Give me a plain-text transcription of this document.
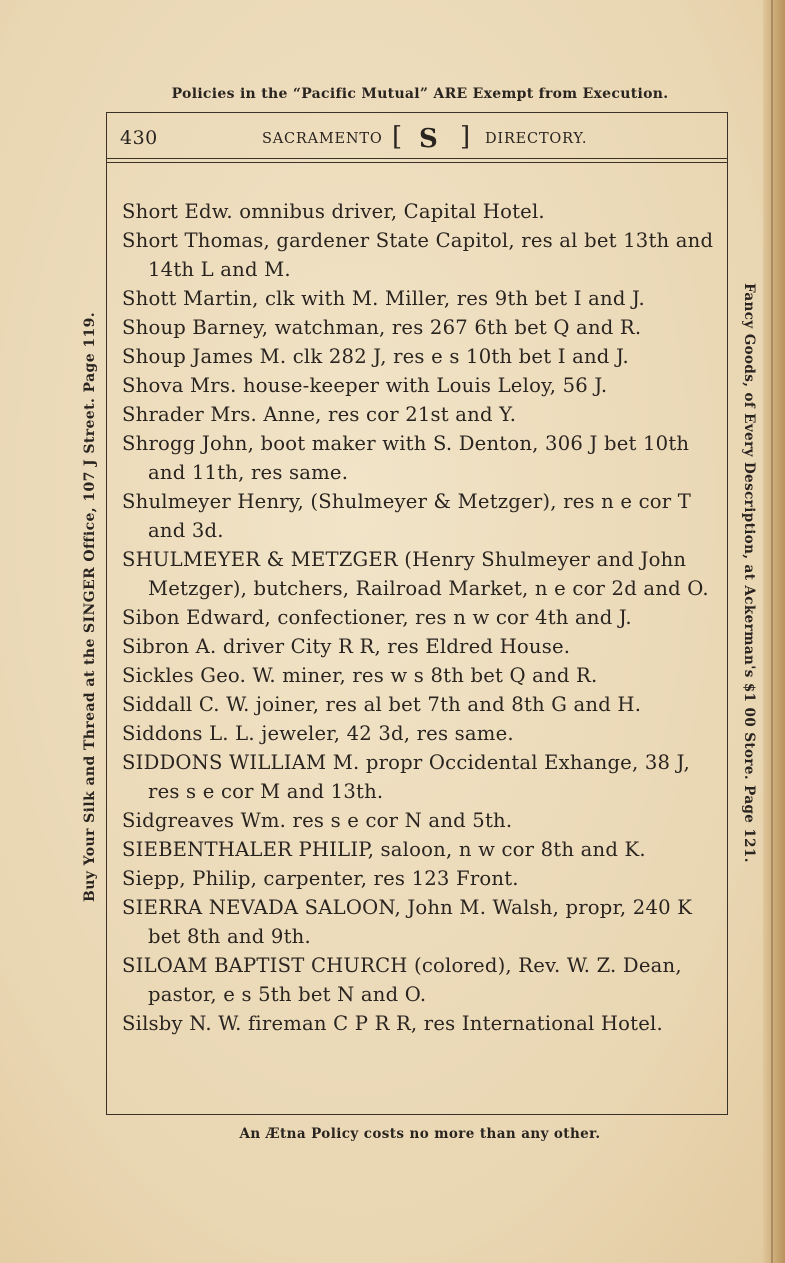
Policies in the “Pacific Mutual” ARE Exempt from Execution.
Buy Your Silk and Thread at the SINGER Office, 107 J Street. Page 119.	Fancy Goods, of Every Description, at Ackerman's $1 00 Store. Page 121.
430	SACRAMENTO [ S ] DIRECTORY.

Short Edw. omnibus driver, Capital Hotel.

Short Thomas, gardener State Capitol, res al bet 13th and 14th L and M.

Shott Martin, clk with M. Miller, res 9th bet I and J.

Shoup Barney, watchman, res 267 6th bet Q and R.

Shoup James M. clk 282 J, res e s 10th bet I and J.

Shova Mrs. house-keeper with Louis Leloy, 56 J.

Shrader Mrs. Anne, res cor 21st and Y.

Shrogg John, boot maker with S. Denton, 306 J bet 10th and 11th, res same.

Shulmeyer Henry, (Shulmeyer & Metzger), res n e cor T and 3d.

SHULMEYER & METZGER (Henry Shulmeyer and John Metzger), butchers, Railroad Market, n e cor 2d and O.

Sibon Edward, confectioner, res n w cor 4th and J.

Sibron A. driver City R R, res Eldred House.

Sickles Geo. W. miner, res w s 8th bet Q and R.

Siddall C. W. joiner, res al bet 7th and 8th G and H.

Siddons L. L. jeweler, 42 3d, res same.

SIDDONS WILLIAM M. propr Occidental Exhange, 38 J, res s e cor M and 13th.

Sidgreaves Wm. res s e cor N and 5th.

SIEBENTHALER PHILIP, saloon, n w cor 8th and K.

Siepp, Philip, carpenter, res 123 Front.

SIERRA NEVADA SALOON, John M. Walsh, propr, 240 K bet 8th and 9th.

SILOAM BAPTIST CHURCH (colored), Rev. W. Z. Dean, pastor, e s 5th bet N and O.

Silsby N. W. fireman C P R R, res International Hotel.

An Ætna Policy costs no more than any other.
